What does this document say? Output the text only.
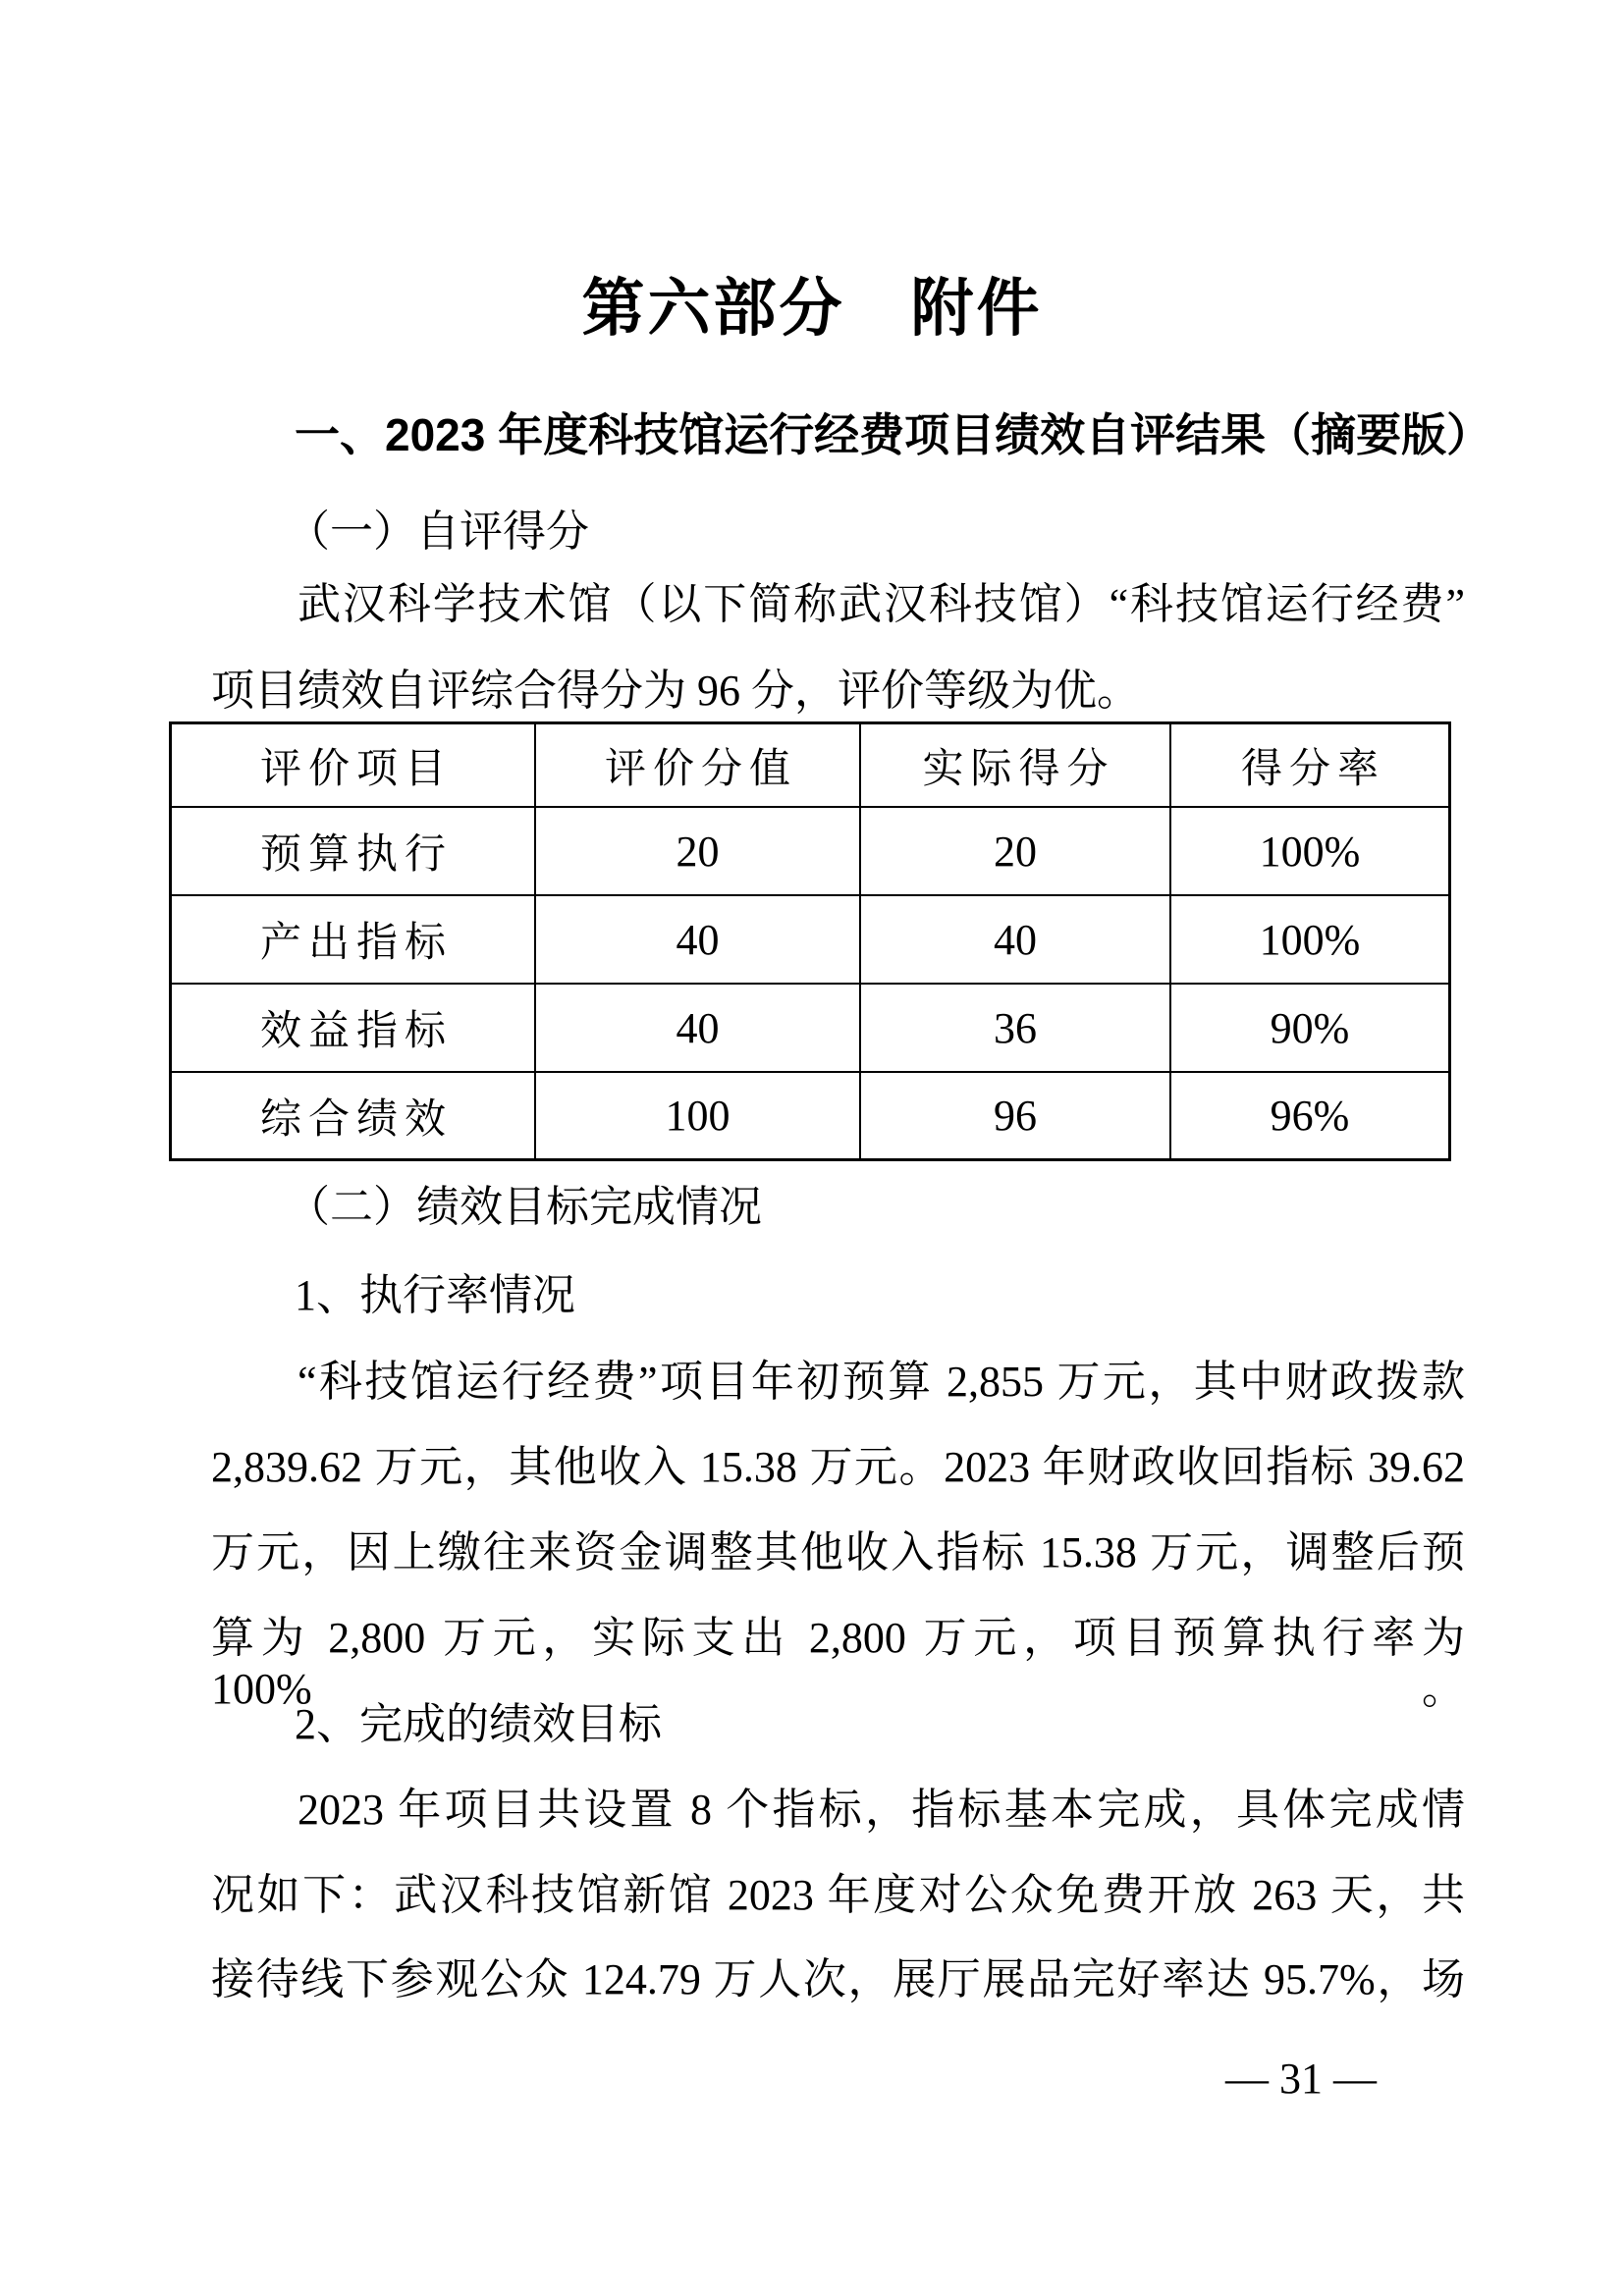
第六部分　附件
一、2023 年度科技馆运行经费项目绩效自评结果（摘要版）
（一）自评得分
武汉科学技术馆（以下简称武汉科技馆）“科技馆运行经费”
项目绩效自评综合得分为 96 分，评价等级为优。
评价项目	评价分值	实际得分	得分率
预算执行	20	20	100%
产出指标	40	40	100%
效益指标	40	36	90%
综合绩效	100	96	96%
（二）绩效目标完成情况
1、执行率情况
“科技馆运行经费”项目年初预算 2,855 万元，其中财政拨款
2,839.62 万元，其他收入 15.38 万元。2023 年财政收回指标 39.62
万元，因上缴往来资金调整其他收入指标 15.38 万元，调整后预
算为 2,800 万元，实际支出 2,800 万元，项目预算执行率为 100%。
2、完成的绩效目标
2023 年项目共设置 8 个指标，指标基本完成，具体完成情
况如下：武汉科技馆新馆 2023 年度对公众免费开放 263 天，共
接待线下参观公众 124.79 万人次，展厅展品完好率达 95.7%，场
— 31 —
